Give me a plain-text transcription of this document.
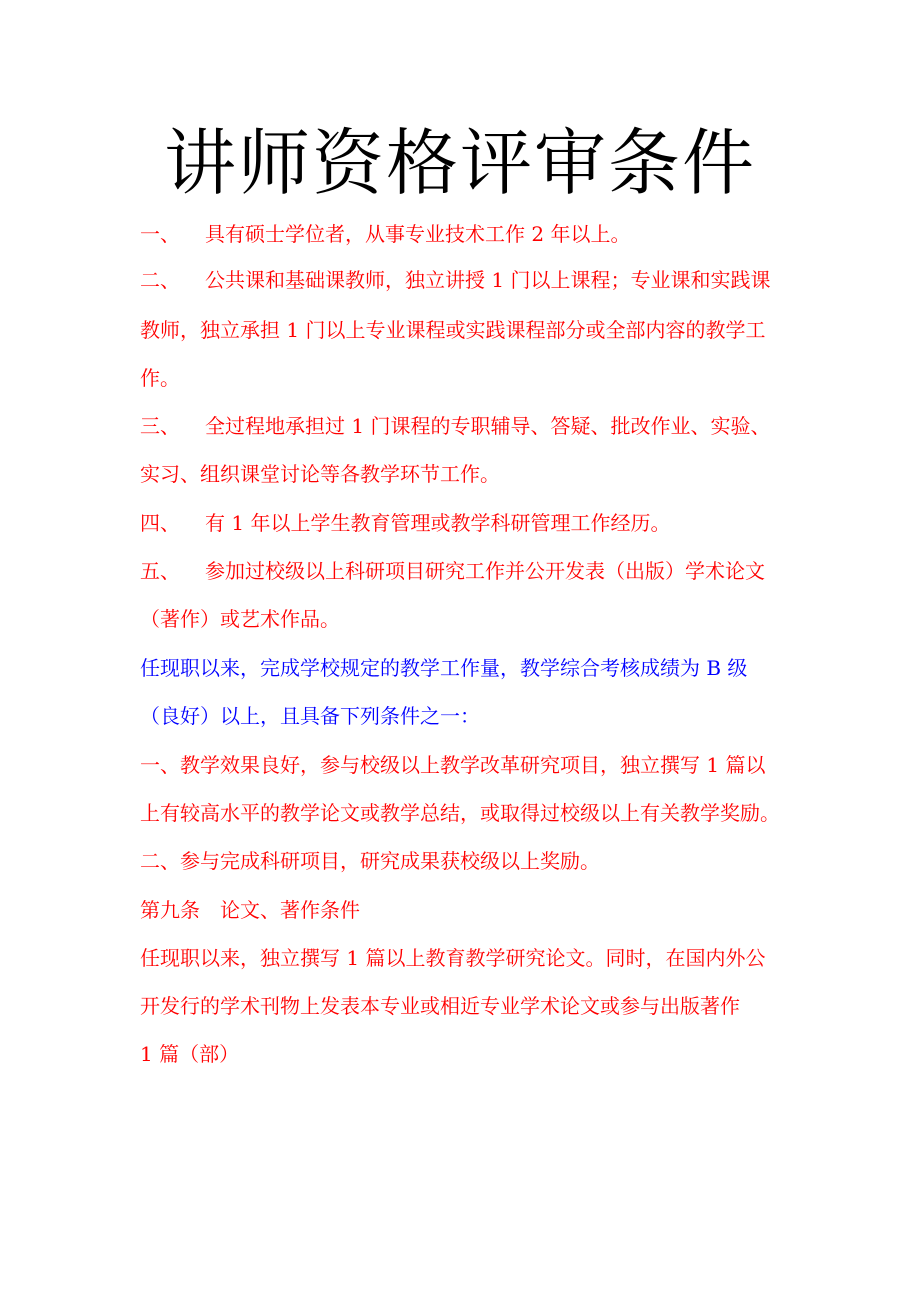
讲师资格评审条件
一、 具有硕士学位者，从事专业技术工作 2 年以上。
二、 公共课和基础课教师，独立讲授 1 门以上课程；专业课和实践课
教师，独立承担 1 门以上专业课程或实践课程部分或全部内容的教学工
作。
三、 全过程地承担过 1 门课程的专职辅导、答疑、批改作业、实验、
实习、组织课堂讨论等各教学环节工作。
四、 有 1 年以上学生教育管理或教学科研管理工作经历。
五、 参加过校级以上科研项目研究工作并公开发表（出版）学术论文
（著作）或艺术作品。
任现职以来，完成学校规定的教学工作量，教学综合考核成绩为 B 级
（良好）以上，且具备下列条件之一：
一、教学效果良好，参与校级以上教学改革研究项目，独立撰写 1 篇以
上有较高水平的教学论文或教学总结，或取得过校级以上有关教学奖励。
二、参与完成科研项目，研究成果获校级以上奖励。
第九条　论文、著作条件
任现职以来，独立撰写 1 篇以上教育教学研究论文。同时，在国内外公
开发行的学术刊物上发表本专业或相近专业学术论文或参与出版著作
1 篇（部）
